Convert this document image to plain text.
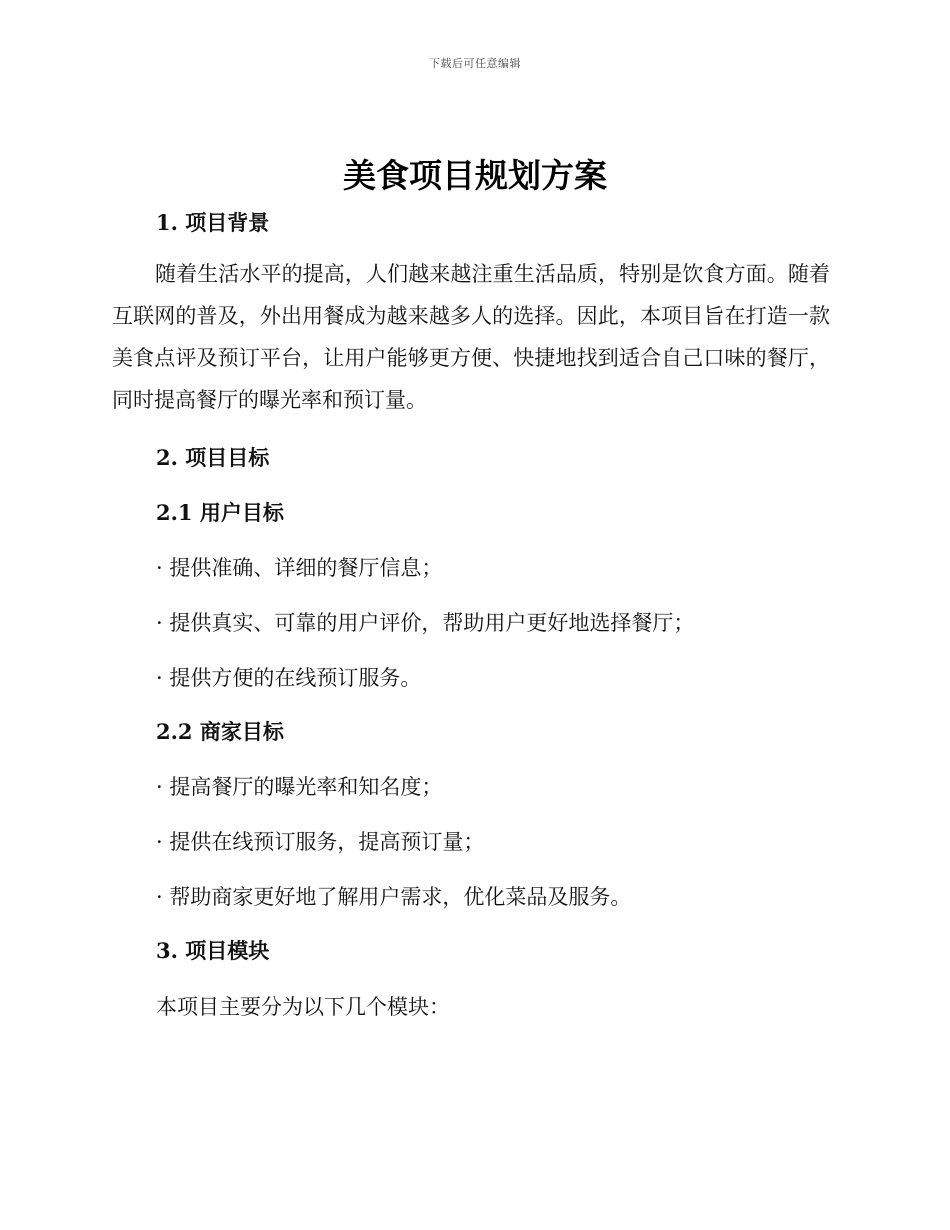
下载后可任意编辑
美食项目规划方案

1. 项目背景

随着生活水平的提高，人们越来越注重生活品质，特别是饮食方面。随着互联网的普及，外出用餐成为越来越多人的选择。因此，本项目旨在打造一款美食点评及预订平台，让用户能够更方便、快捷地找到适合自己口味的餐厅，同时提高餐厅的曝光率和预订量。

2. 项目目标

2.1 用户目标

· 提供准确、详细的餐厅信息；

· 提供真实、可靠的用户评价，帮助用户更好地选择餐厅；

· 提供方便的在线预订服务。

2.2 商家目标

· 提高餐厅的曝光率和知名度；

· 提供在线预订服务，提高预订量；

· 帮助商家更好地了解用户需求，优化菜品及服务。

3. 项目模块

本项目主要分为以下几个模块：
